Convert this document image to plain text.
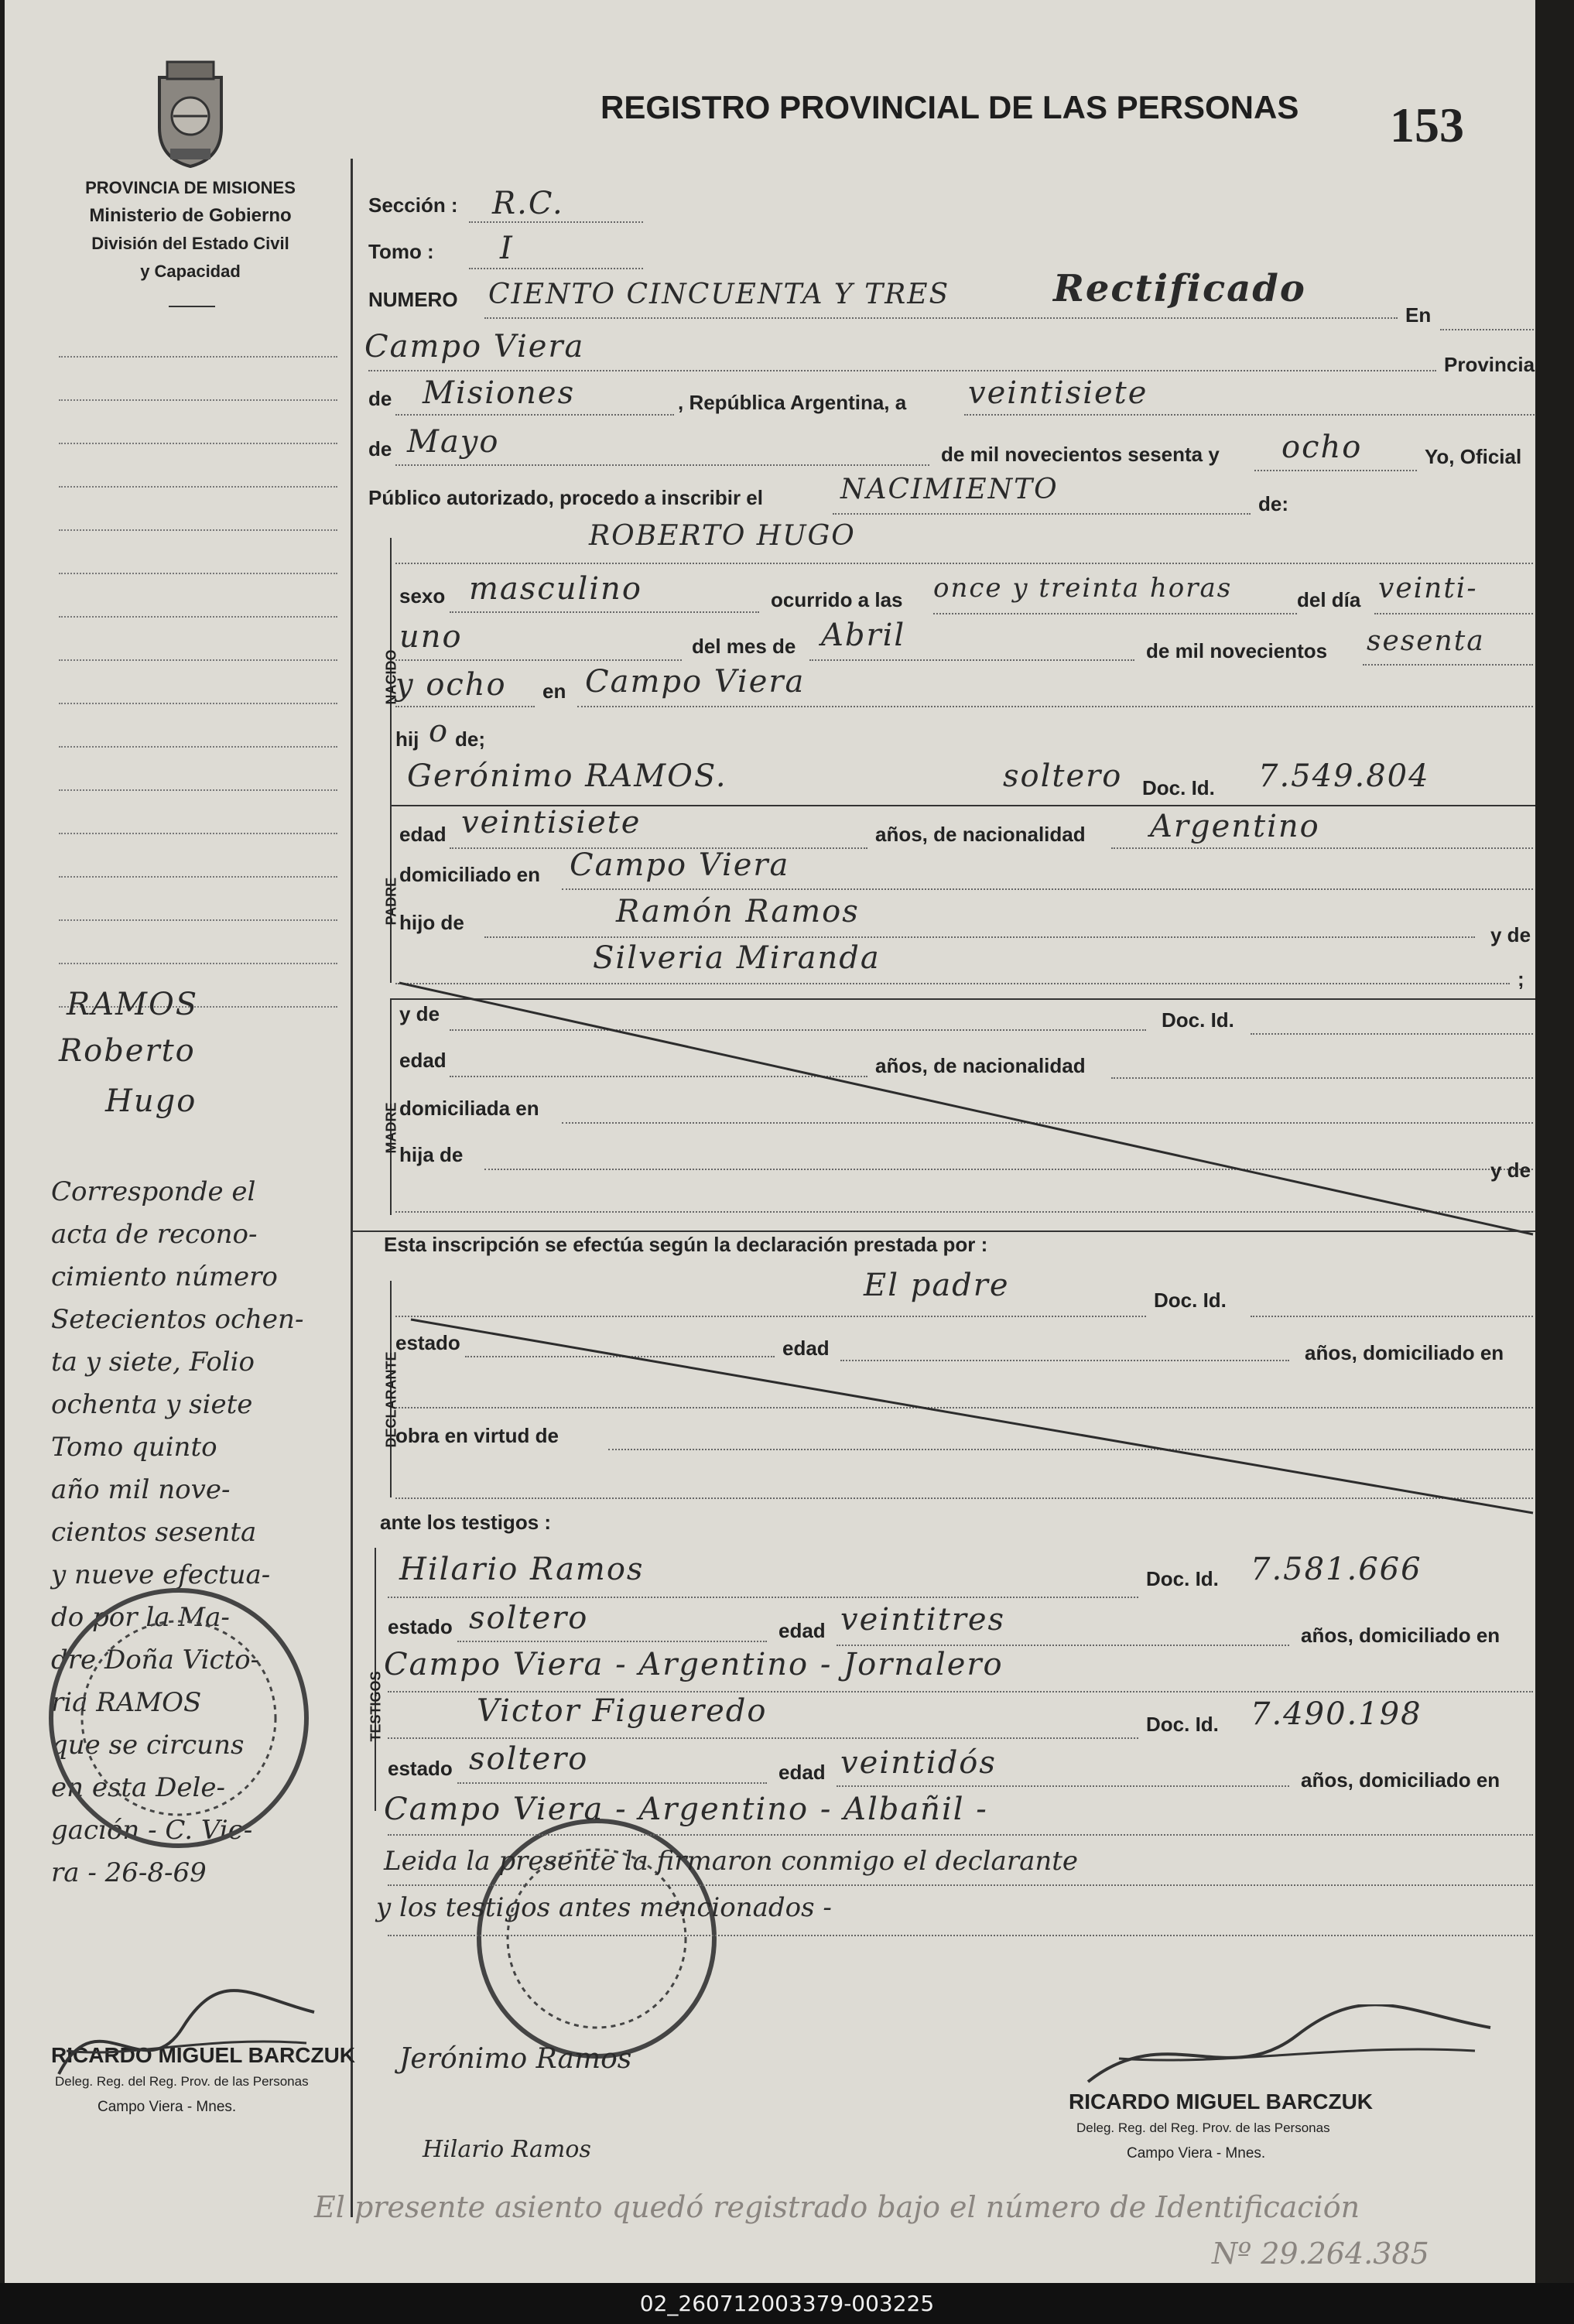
PROVINCIA DE MISIONES
Ministerio de Gobierno
División del Estado Civil
y Capacidad
REGISTRO PROVINCIAL DE LAS PERSONAS 153
RAMOS
Roberto
Hugo
Corresponde el
acta de recono-
cimiento número
Setecientos ochen-
ta y siete, Folio
ochenta y siete
Tomo quinto
año mil nove-
cientos sesenta
y nueve efectua-
do por la Ma-
dre Doña Victo-
ria RAMOS
que se circuns
en esta Dele-
gación - C. Vie-
ra - 26-8-69
RICARDO MIGUEL BARCZUK
Deleg. Reg. del Reg. Prov. de las Personas
Campo Viera - Mnes.	RICARDO MIGUEL BARCZUK
Deleg. Reg. del Reg. Prov. de las Personas
Campo Viera - Mnes.
Jerónimo Ramos
Hilario Ramos
Sección : R.C.
Tomo : I
NUMERO CIENTO CINCUENTA Y TRES	Rectificado
En
Campo Viera	Provincia
de Misiones	, República Argentina, a veintisiete
de Mayo	de mil novecientos sesenta y ocho	Yo, Oficial
Público autorizado, procedo a inscribir el	NACIMIENTO	de:
NACIDO
ROBERTO HUGO
sexo masculino	ocurrido a las once y treinta horas	del día veinti-
uno	del mes de Abril	de mil novecientos sesenta
y ocho en Campo Viera
hij o de;
PADRE
Gerónimo RAMOS.	soltero Doc. Id. 7.549.804
edad veintisiete	años, de nacionalidad Argentino
domiciliado en Campo Viera
hijo de	Ramón Ramos
y de
Silveria Miranda
;
MADRE
y de	Doc. Id.
edad	años, de nacionalidad
domiciliada en
hija de
y de
Esta inscripción se efectúa según la declaración prestada por :
DECLARANTE
El padre	Doc. Id.
estado	edad	años, domiciliado en
obra en virtud de
ante los testigos :
TESTIGOS
Hilario Ramos	Doc. Id. 7.581.666
estado soltero	edad veintitres	años, domiciliado en
Campo Viera - Argentino - Jornalero
Victor Figueredo	Doc. Id. 7.490.198
estado soltero	edad veintidós	años, domiciliado en
Campo Viera - Argentino - Albañil -
Leida la presente la firmaron conmigo el declarante
y los testigos antes mencionados -
El presente asiento quedó registrado bajo el número de Identificación
Nº 29.264.385
02_260712003379-003225
